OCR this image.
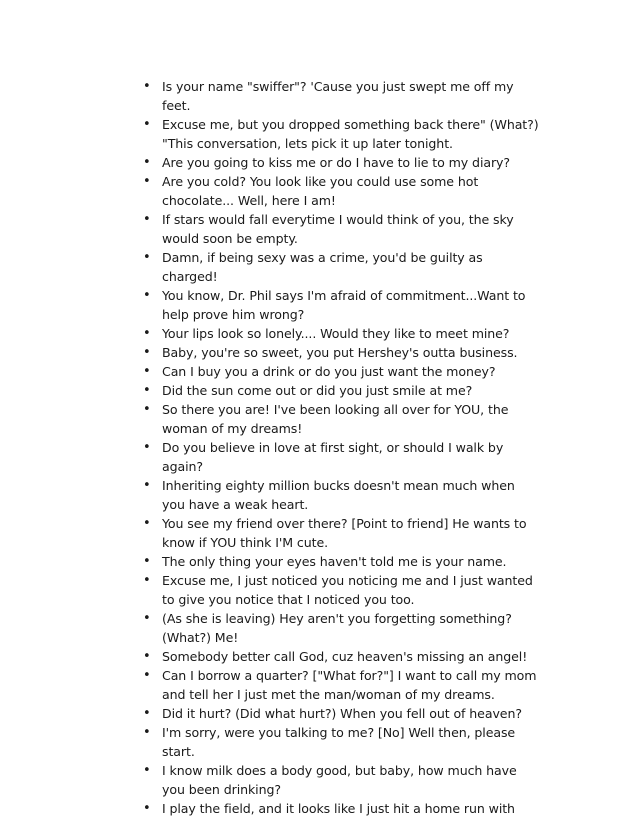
• Is your name "swiffer"? 'Cause you just swept me off my feet.
• Excuse me, but you dropped something back there" (What?) "This conversation, lets pick it up later tonight.
• Are you going to kiss me or do I have to lie to my diary?
• Are you cold? You look like you could use some hot chocolate... Well, here I am!
• If stars would fall everytime I would think of you, the sky would soon be empty.
• Damn, if being sexy was a crime, you'd be guilty as charged!
• You know, Dr. Phil says I'm afraid of commitment...Want to help prove him wrong?
• Your lips look so lonely.... Would they like to meet mine?
• Baby, you're so sweet, you put Hershey's outta business.
• Can I buy you a drink or do you just want the money?
• Did the sun come out or did you just smile at me?
• So there you are! I've been looking all over for YOU, the woman of my dreams!
• Do you believe in love at first sight, or should I walk by again?
• Inheriting eighty million bucks doesn't mean much when you have a weak heart.
• You see my friend over there? [Point to friend] He wants to know if YOU think I'M cute.
• The only thing your eyes haven't told me is your name.
• Excuse me, I just noticed you noticing me and I just wanted to give you notice that I noticed you too.
• (As she is leaving) Hey aren't you forgetting something? (What?) Me!
• Somebody better call God, cuz heaven's missing an angel!
• Can I borrow a quarter? ["What for?"] I want to call my mom and tell her I just met the man/woman of my dreams.
• Did it hurt? (Did what hurt?) When you fell out of heaven?
• I'm sorry, were you talking to me? [No] Well then, please start.
• I know milk does a body good, but baby, how much have you been drinking?
• I play the field, and it looks like I just hit a home run with
